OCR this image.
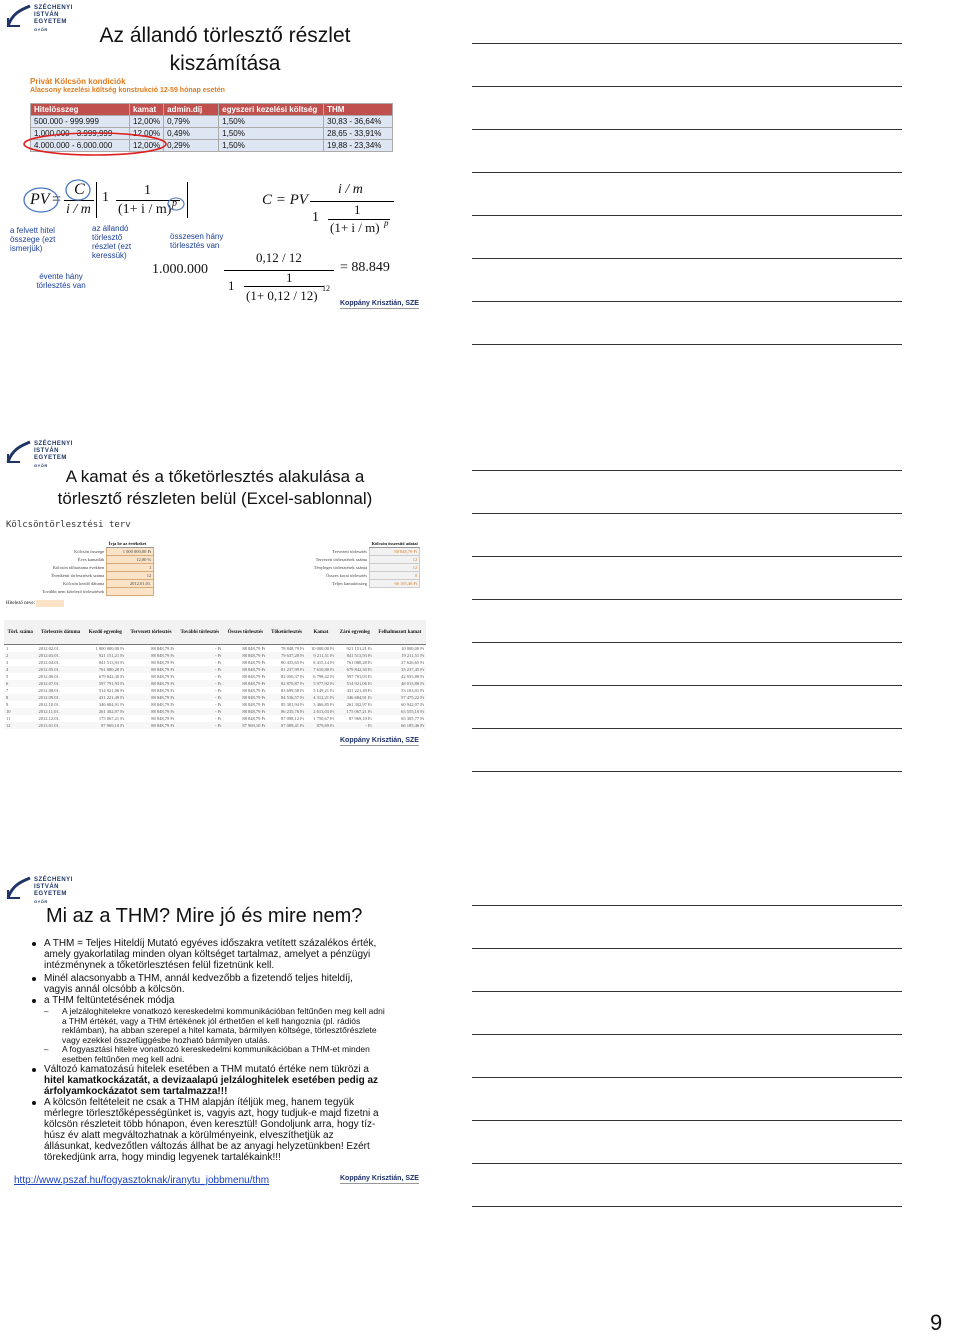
SZÉCHENYI ISTVÁN
EGYETEM
GYŐR
SZÉCHENYI ISTVÁN
EGYETEM
GYŐR
SZÉCHENYI ISTVÁN
EGYETEM
GYŐR
Az állandó törlesztő részlet
kiszámítása
Privát Kölcsön kondíciók
Alacsony kezelési költség konstrukció 12-59 hónap esetén
Hitelösszeg	kamat	admin.díj	egyszeri kezelési költség	THM
500.000 - 999.999	12,00%	0,79%	1,50%	30,83 - 36,64%
1,000,000 - 3.999,999	12,00%	0,49%	1,50%	28,65 - 33,91%
4.000.000 - 6.000.000	12,00%	0,29%	1,50%	19,88 - 23,34%
PV =
C
i / m
1	1
(1+ i / m) p
a felvett hitel összege (ezt ismerjük)
az állandó törlesztő részlet (ezt keressük)
évente hány törlesztés van
összesen hány törlesztés van
C = PV
i / m
1
1
(1+ i / m) p
1.000.000
0,12 / 12
1
1
(1+ 0,12 / 12) 12
= 88.849
Koppány Krisztián, SZE
A kamat és a tőketörlesztés alakulása a
törlesztő részleten belül (Excel-sablonnal)
Kölcsöntörlesztési terv
	Írja be az értékeket
Kölcsön összege	1 000 000,00 Ft
Éves kamatláb	12,00 %
Kölcsön időtartama években	1
Évenkénti törlesztések száma	12
Kölcsön kezdő dátuma	2012.01.01.
További nem kötelező törlesztések	
	Kölcsön összesítő adatai
Tervezett törlesztés	88 848,79 Ft
Tervezett törlesztések száma	12
Tényleges törlesztések száma	12
Összes korai törlesztés	0
Teljes kamatösszeg	66 185,46 Ft
Hitelező neve:
Törl. száma	Törlesztés dátuma	Kezdő egyenleg	Tervezett törlesztés	További törlesztés	Összes törlesztés	Tőketörlesztés	Kamat	Záró egyenleg	Felhalmozott kamat
1	2012.02.01.	1 000 000,00 Ft	88 848,79 Ft	- Ft	88 848,79 Ft	78 848,79 Ft	10 000,00 Ft	921 151,21 Ft	10 000,00 Ft
2	2012.03.01.	921 151,21 Ft	88 848,79 Ft	- Ft	88 848,79 Ft	79 637,28 Ft	9 211,51 Ft	841 513,93 Ft	19 211,51 Ft
3	2012.04.01.	841 513,93 Ft	88 848,79 Ft	- Ft	88 848,79 Ft	80 433,65 Ft	8 415,14 Ft	761 080,28 Ft	27 626,65 Ft
4	2012.05.01.	761 080,28 Ft	88 848,79 Ft	- Ft	88 848,79 Ft	81 237,99 Ft	7 610,80 Ft	679 842,30 Ft	35 237,45 Ft
5	2012.06.01.	679 842,30 Ft	88 848,79 Ft	- Ft	88 848,79 Ft	82 050,37 Ft	6 798,42 Ft	597 791,93 Ft	42 035,88 Ft
6	2012.07.01.	597 791,93 Ft	88 848,79 Ft	- Ft	88 848,79 Ft	82 870,87 Ft	5 977,92 Ft	514 921,06 Ft	48 013,80 Ft
7	2012.08.01.	514 921,06 Ft	88 848,79 Ft	- Ft	88 848,79 Ft	83 699,58 Ft	5 149,21 Ft	431 221,49 Ft	53 163,01 Ft
8	2012.09.01.	431 221,49 Ft	88 848,79 Ft	- Ft	88 848,79 Ft	84 536,57 Ft	4 312,21 Ft	346 684,91 Ft	57 475,22 Ft
9	2012.10.01.	346 684,91 Ft	88 848,79 Ft	- Ft	88 848,79 Ft	85 381,94 Ft	3 466,85 Ft	261 302,97 Ft	60 942,07 Ft
10	2012.11.01.	261 302,97 Ft	88 848,79 Ft	- Ft	88 848,79 Ft	86 235,76 Ft	2 613,03 Ft	175 067,21 Ft	63 555,10 Ft
11	2012.12.01.	175 067,21 Ft	88 848,79 Ft	- Ft	88 848,79 Ft	87 098,12 Ft	1 750,67 Ft	87 969,10 Ft	65 305,77 Ft
12	2013.01.01.	87 969,10 Ft	88 848,79 Ft	- Ft	87 969,10 Ft	87 089,41 Ft	879,69 Ft	- Ft	66 185,46 Ft
Koppány Krisztián, SZE
Mi az a THM? Mire jó és mire nem?
A THM = Teljes Hiteldíj Mutató egyéves időszakra vetített százalékos érték,
amely gyakorlatilag minden olyan költséget tartalmaz, amelyet a pénzügyi
intézménynek a tőketörlesztésen felül fizetnünk kell.
Minél alacsonyabb a THM, annál kedvezőbb a fizetendő teljes hiteldíj,
vagyis annál olcsóbb a kölcsön.
a THM feltüntetésének módja
– A jelzáloghitelekre vonatkozó kereskedelmi kommunikációban feltűnően meg kell adni
a THM értékét, vagy a THM értékének jól érthetően el kell hangoznia (pl. rádiós
reklámban), ha abban szerepel a hitel kamata, bármilyen költsége, törlesztőrészlete
vagy ezekkel összefüggésbe hozható bármilyen utalás.
– A fogyasztási hitelre vonatkozó kereskedelmi kommunikációban a THM-et minden
esetben feltűnően meg kell adni.
Változó kamatozású hitelek esetében a THM mutató értéke nem tükrözi a
hitel kamatkockázatát, a devizaalapú jelzáloghitelek esetében pedig az
árfolyamkockázatot sem tartalmazza!!!
A kölcsön feltételeit ne csak a THM alapján ítéljük meg, hanem tegyük
mérlegre törlesztőképességünket is, vagyis azt, hogy tudjuk-e majd fizetni a
kölcsön részleteit több hónapon, éven keresztül! Gondoljunk arra, hogy tíz-
húsz év alatt megváltozhatnak a körülményeink, elveszíthetjük az
állásunkat, kedvezőtlen változás állhat be az anyagi helyzetünkben! Ezért
törekedjünk arra, hogy mindig legyenek tartalékaink!!!
http://www.pszaf.hu/fogyasztoknak/iranytu_jobbmenu/thm	Koppány Krisztián, SZE
9
